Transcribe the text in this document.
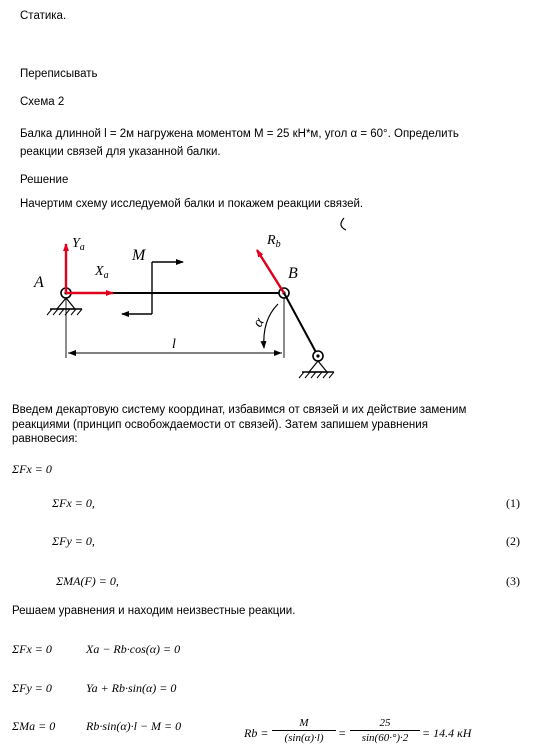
Статика.
Переписывать
Схема 2
Балка длинной l = 2м нагружена моментом M = 25 кН*м, угол α = 60°. Определить
реакции связей для указанной балки.
Решение
Начертим схему исследуемой балки и покажем реакции связей.
$Y_a$
$X_a$
A
M
$R_b$
B
α
l
Введем декартовую систему координат, избавимся от связей и их действие заменим
реакциями (принцип освобождаемости от связей). Затем запишем уравнения
равновесия:
ΣFx = 0
ΣFx = 0,	(1)
ΣFy = 0,	(2)
ΣMA(F) = 0,	(3)
Решаем уравнения и находим неизвестные реакции.
ΣFx = 0	Xa − Rb·cos(α) = 0
ΣFy = 0	Ya + Rb·sin(α) = 0
ΣMa = 0	Rb·sin(α)·l − M = 0	$Rb = \frac{M}{(\sin(\alpha)\cdot l)} = \frac{25}{\sin(60\cdot^\circ)\cdot 2} = 14.4$ кН
